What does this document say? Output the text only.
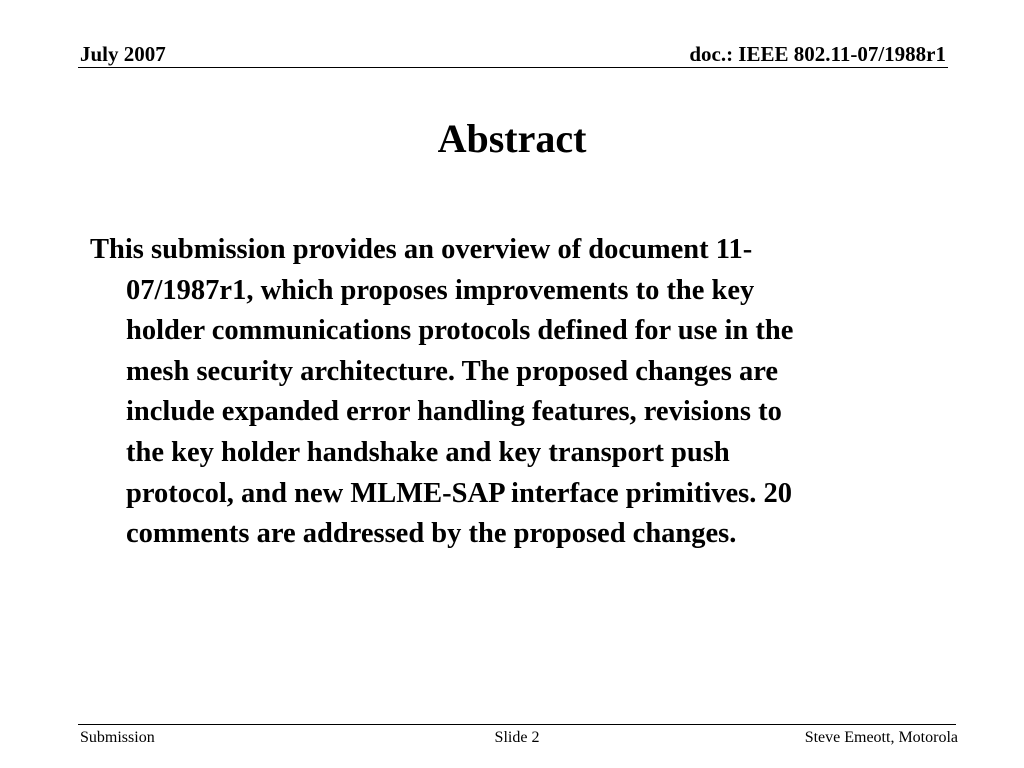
July 2007	doc.: IEEE 802.11-07/1988r1
Abstract

This submission provides an overview of document 11-
07/1987r1, which proposes improvements to the key
holder communications protocols defined for use in the
mesh security architecture. The proposed changes are
include expanded error handling features, revisions to
the key holder handshake and key transport push
protocol, and new MLME-SAP interface primitives. 20
comments are addressed by the proposed changes.

Submission	Slide 2	Steve Emeott, Motorola
